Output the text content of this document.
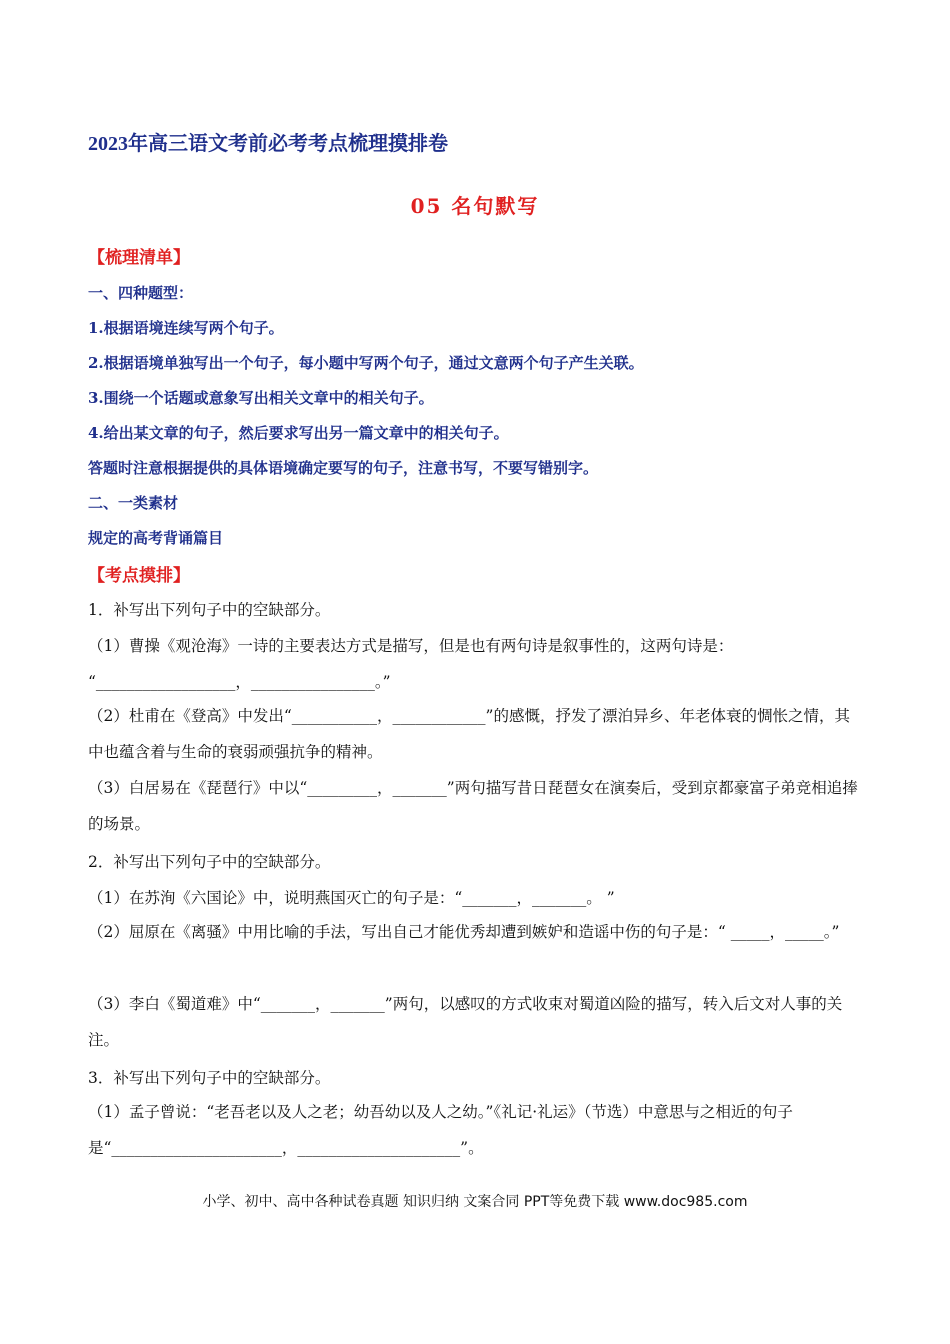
2023年高三语文考前必考考点梳理摸排卷
05 名句默写
【梳理清单】
一、四种题型：
1.根据语境连续写两个句子。
2.根据语境单独写出一个句子，每小题中写两个句子，通过文意两个句子产生关联。
3.围绕一个话题或意象写出相关文章中的相关句子。
4.给出某文章的句子，然后要求写出另一篇文章中的相关句子。
答题时注意根据提供的具体语境确定要写的句子，注意书写，不要写错别字。
二、一类素材
规定的高考背诵篇目
【考点摸排】
1．补写出下列句子中的空缺部分。
（1）曹操《观沧海》一诗的主要表达方式是描写，但是也有两句诗是叙事性的，这两句诗是：
“__________________，________________。”
（2）杜甫在《登高》中发出“___________，____________”的感慨，抒发了漂泊异乡、年老体衰的惆怅之情，其中也蕴含着与生命的衰弱顽强抗争的精神。
（3）白居易在《琵琶行》中以“_________，_______”两句描写昔日琵琶女在演奏后，受到京都豪富子弟竞相追捧的场景。
2．补写出下列句子中的空缺部分。
（1）在苏洵《六国论》中，说明燕国灭亡的句子是：“_______，_______。 ”
（2）屈原在《离骚》中用比喻的手法，写出自己才能优秀却遭到嫉妒和造谣中伤的句子是：“ _____，_____。”
（3）李白《蜀道难》中“_______，_______”两句，以感叹的方式收束对蜀道凶险的描写，转入后文对人事的关注。
3．补写出下列句子中的空缺部分。
（1）孟子曾说：“老吾老以及人之老；幼吾幼以及人之幼。”《礼记·礼运》（节选）中意思与之相近的句子是“______________________，_____________________”。
小学、初中、高中各种试卷真题 知识归纳 文案合同 PPT等免费下载 www.doc985.com
